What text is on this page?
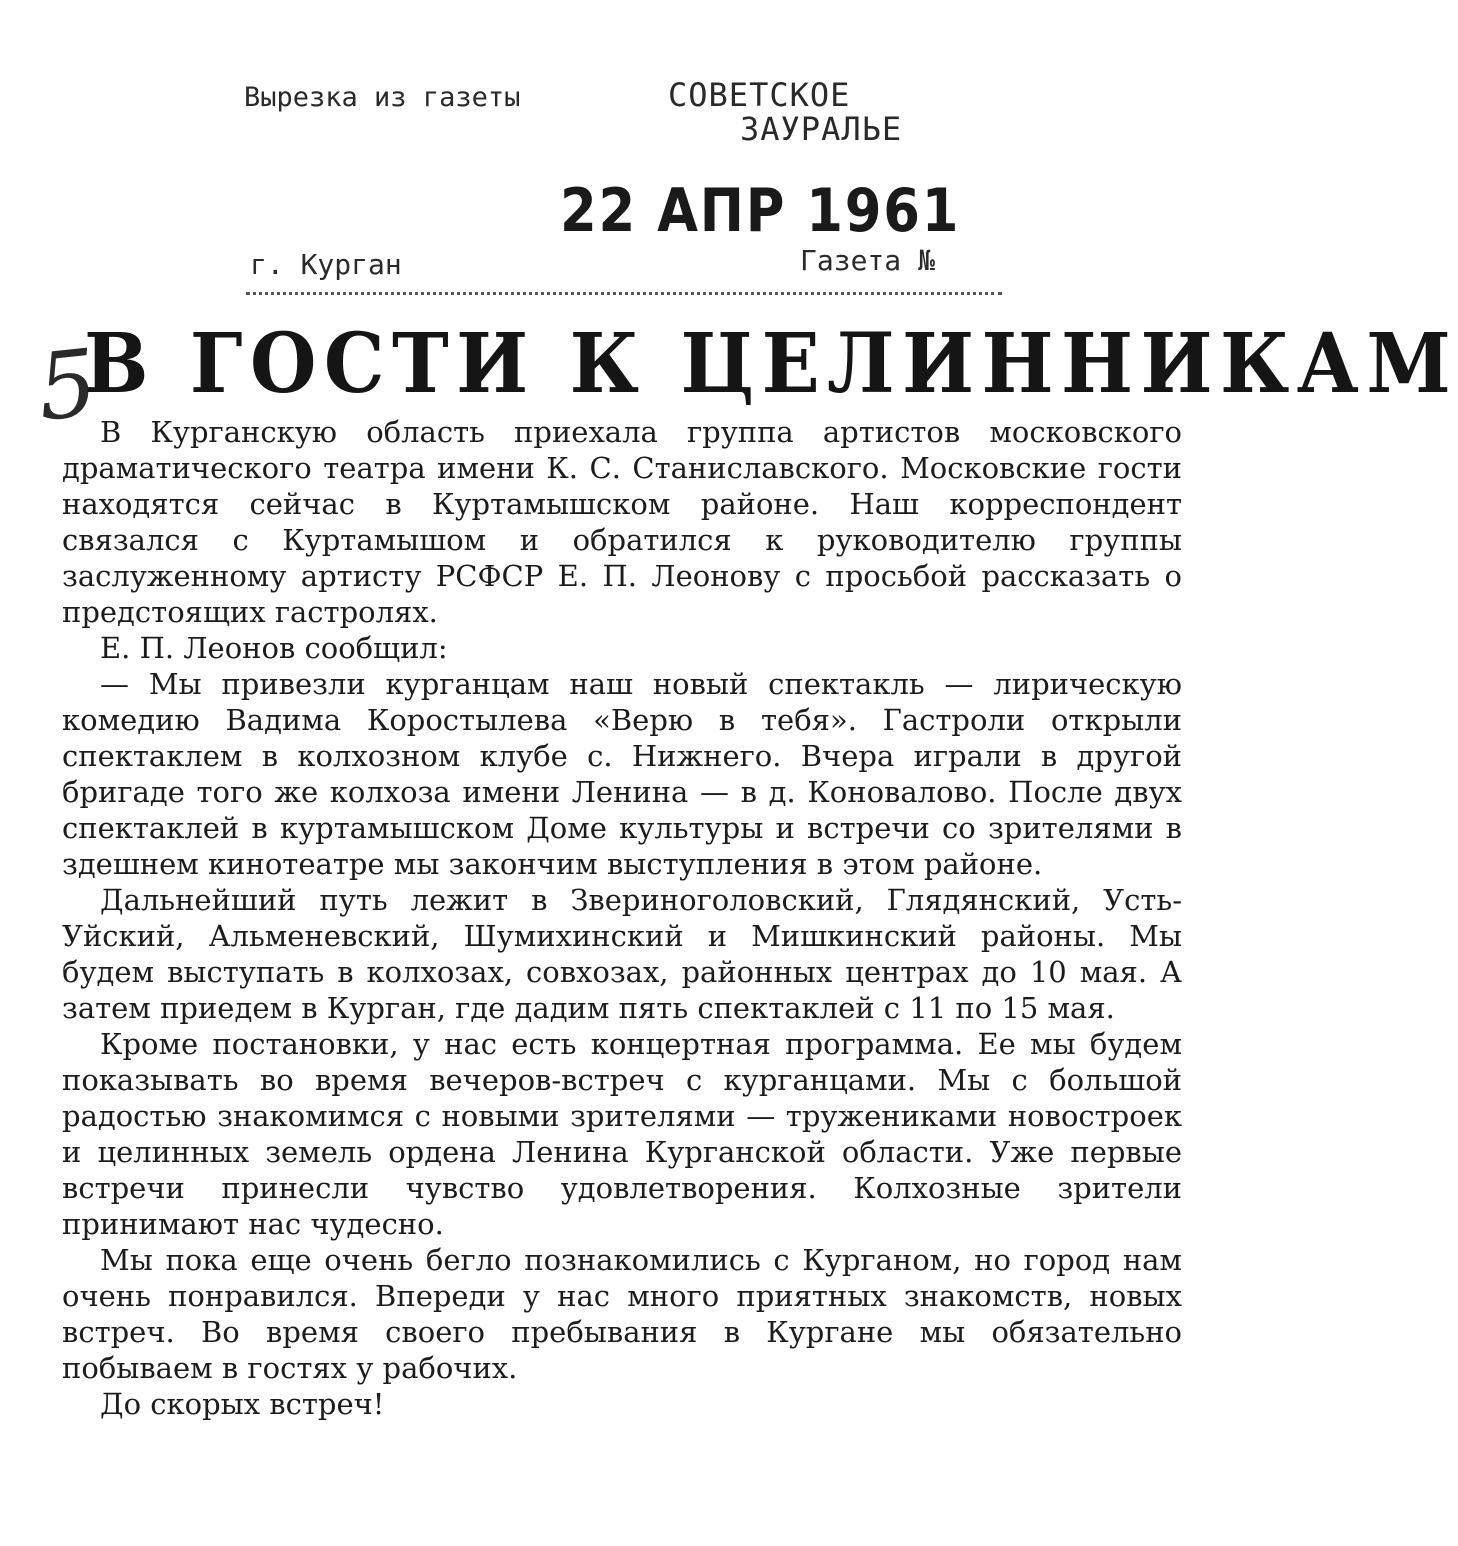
Вырезка из газеты	СОВЕТСКОЕ
ЗАУРАЛЬЕ
22 АПР 1961
г. Курган	Газета №
5
В ГОСТИ К ЦЕЛИННИКАМ

В Курганскую область приехала группа артистов московского драматического театра имени К. С. Станиславского. Московские гости находятся сейчас в Куртамышском районе. Наш корреспондент связался с Куртамышом и обратился к руководителю группы заслуженному артисту РСФСР Е. П. Леонову с просьбой рассказать о предстоящих гастролях.

Е. П. Леонов сообщил:

— Мы привезли курганцам наш новый спектакль — лирическую комедию Вадима Коростылева «Верю в тебя». Гастроли открыли спектаклем в колхозном клубе с. Нижнего. Вчера играли в другой бригаде того же колхоза имени Ленина — в д. Коновалово. После двух спектаклей в куртамышском Доме культуры и встречи со зрителями в здешнем кинотеатре мы закончим выступления в этом районе.

Дальнейший путь лежит в Звериноголовский, Глядянский, Усть-Уйский, Альменевский, Шумихинский и Мишкинский районы. Мы будем выступать в колхозах, совхозах, районных центрах до 10 мая. А затем приедем в Курган, где дадим пять спектаклей с 11 по 15 мая.

Кроме постановки, у нас есть концертная программа. Ее мы будем показывать во время вечеров-встреч с курганцами. Мы с большой радостью знакомимся с новыми зрителями — тружениками новостроек и целинных земель ордена Ленина Курганской области. Уже первые встречи принесли чувство удовлетворения. Колхозные зрители принимают нас чудесно.

Мы пока еще очень бегло познакомились с Курганом, но город нам очень понравился. Впереди у нас много приятных знакомств, новых встреч. Во время своего пребывания в Кургане мы обязательно побываем в гостях у рабочих.

До скорых встреч!
